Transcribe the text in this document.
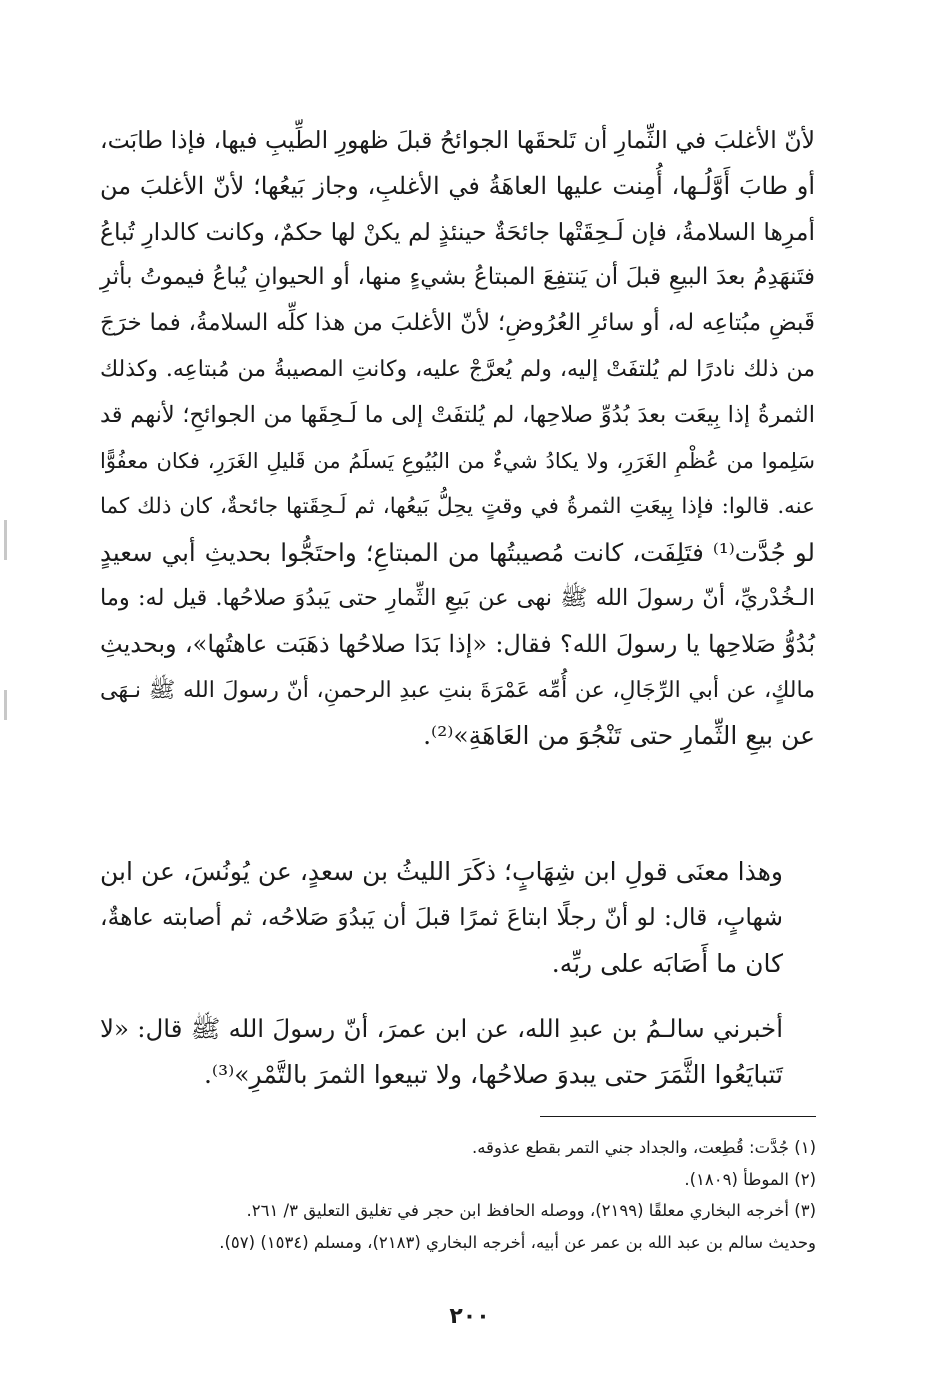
لأنّ الأغلبَ في الثِّمارِ أن تَلحقَها الجوائحُ قبلَ ظهورِ الطِّيبِ فيها، فإذا طابَت،
أو طابَ أَوَّلُـها، أُمِنت عليها العاهَةُ في الأغلبِ، وجاز بَيعُها؛ لأنّ الأغلبَ من
أمرِها السلامةُ، فإن لَـحِقَتْها جائحَةٌ حينئذٍ لم يكنْ لها حكمٌ، وكانت كالدارِ تُباعُ
فتَنهَدِمُ بعدَ البيعِ قبلَ أن يَنتفِعَ المبتاعُ بشيءٍ منها، أو الحيوانِ يُباعُ فيموتُ بأثرِ
قَبضِ مبُتاعِه له، أو سائرِ العُرُوضِ؛ لأنّ الأغلبَ من هذا كلِّه السلامةُ، فما خرَجَ
من ذلك نادرًا لم يُلتفَتْ إليه، ولم يُعرَّجْ عليه، وكانتِ المصيبةُ من مُبتاعِه. وكذلك
الثمرةُ إذا بِيعَت بعدَ بُدُوِّ صلاحِها، لم يُلتفَتْ إلى ما لَـحِقَها من الجوائحِ؛ لأنهم قد
سَلِموا من عُظْمِ الغَرَرِ، ولا يكادُ شيءٌ من البُيُوعِ يَسلَمُ من قَليلِ الغَرَرِ، فكان معفُوًّا
عنه. قالوا: فإذا بِيعَتِ الثمرةُ في وقتٍ يحِلُّ بَيعُها، ثم لَـحِقَتها جائحةٌ، كان ذلك كما
لو جُدَّت⁽¹⁾ فتَلِفَت، كانت مُصيبتُها من المبتاعِ؛ واحتَجُّوا بحديثِ أبي سعيدٍ
الـخُدْريِّ، أنّ رسولَ الله ﷺ نهى عن بَيعِ الثِّمارِ حتى يَبدُوَ صلاحُها. قيل له: وما
بُدُوُّ صَلاحِها يا رسولَ الله؟ فقال: «إذا بَدَا صلاحُها ذهَبَت عاهتُها»، وبحديثِ
مالكٍ، عن أبي الرِّجَالِ، عن أُمِّه عَمْرَةَ بنتِ عبدِ الرحمنِ، أنّ رسولَ الله ﷺ نـهَى
عن بيعِ الثِّمارِ حتى تَنْجُوَ من العَاهَةِ»⁽²⁾.
وهذا معنَى قولِ ابن شِهَابٍ؛ ذكَرَ الليثُ بن سعدٍ، عن يُونُسَ، عن ابن
شهابٍ، قال: لو أنّ رجلًا ابتاعَ ثمرًا قبلَ أن يَبدُوَ صَلاحُه، ثم أصابته عاهةٌ،
كان ما أَصَابَه على ربِّه.
أخبرني سالـمُ بن عبدِ الله، عن ابن عمرَ، أنّ رسولَ الله ﷺ قال: «لا
تَتبايَعُوا الثَّمَرَ حتى يبدوَ صلاحُها، ولا تبيعوا الثمرَ بالتَّمْرِ»⁽³⁾.
(١) جُدَّت: قُطِعت، والجداد جني التمر بقطع عذوقه.
(٢) الموطأ (١٨٠٩).
(٣) أخرجه البخاري معلقًا (٢١٩٩)، ووصله الحافظ ابن حجر في تغليق التعليق ٣/ ٢٦١.
وحديث سالم بن عبد الله بن عمر عن أبيه، أخرجه البخاري (٢١٨٣)، ومسلم (١٥٣٤) (٥٧).
٢٠٠
